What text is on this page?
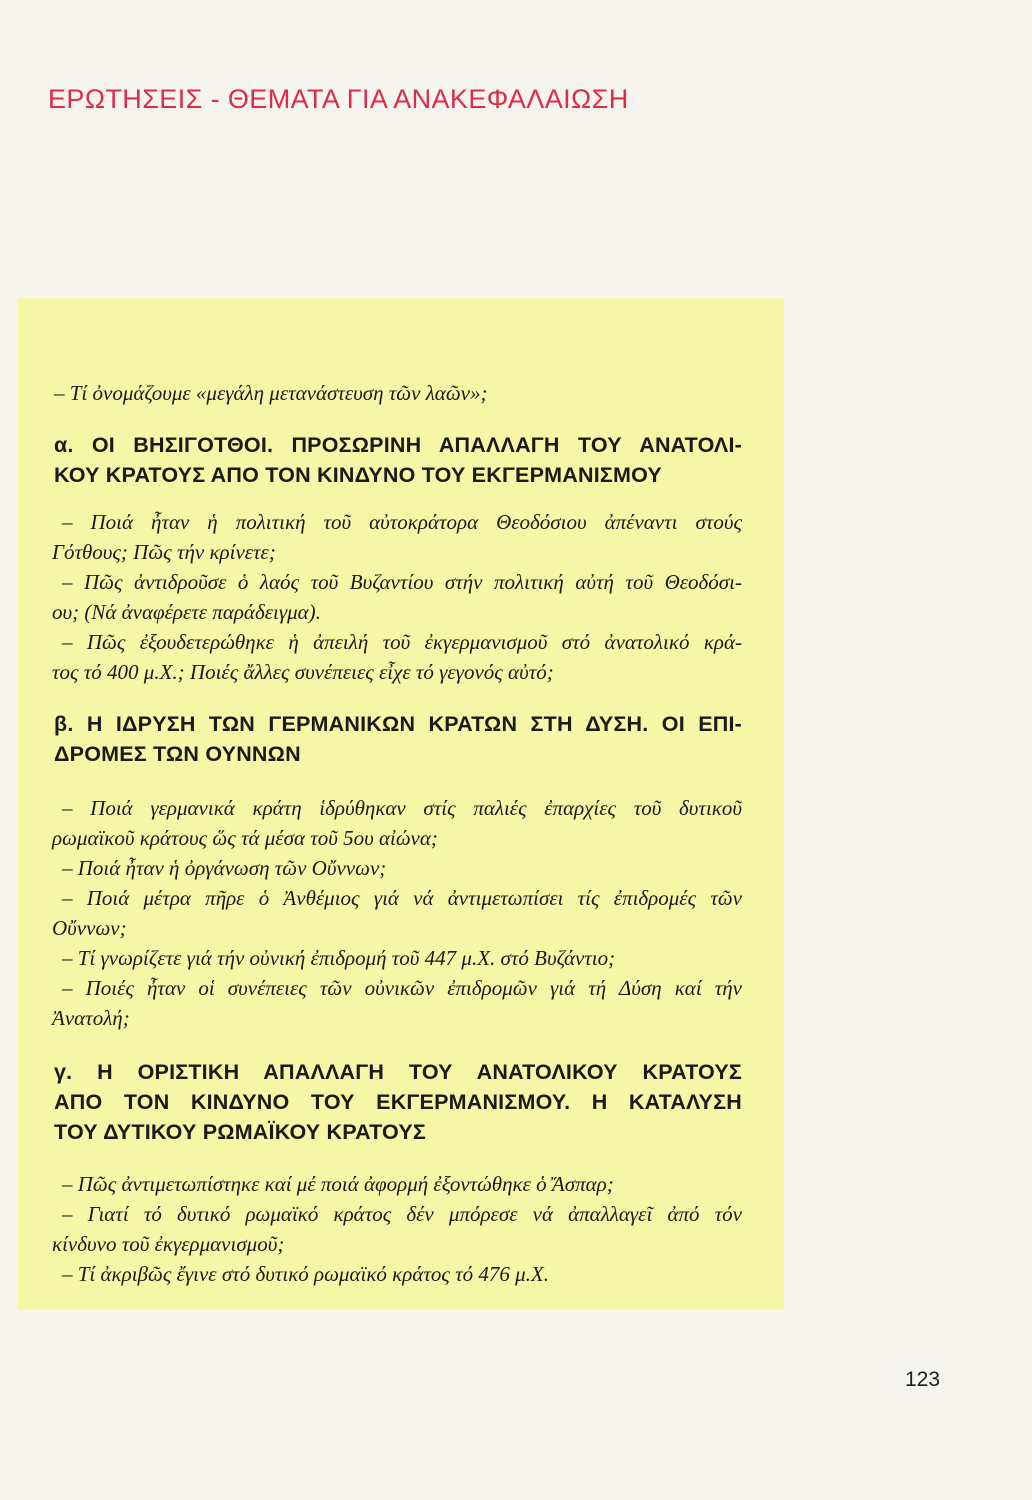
ΕΡΩΤΗΣΕΙΣ - ΘΕΜΑΤΑ ΓΙΑ ΑΝΑΚΕΦΑΛΑΙΩΣΗ

– Τί ὀνομάζουμε «μεγάλη μετανάστευση τῶν λαῶν»;

α. ΟΙ ΒΗΣΙΓΟΤΘΟΙ. ΠΡΟΣΩΡΙΝΗ ΑΠΑΛΛΑΓΗ ΤΟΥ ΑΝΑΤΟΛΙ-
ΚΟΥ ΚΡΑΤΟΥΣ ΑΠΟ ΤΟΝ ΚΙΝΔΥΝΟ ΤΟΥ ΕΚΓΕΡΜΑΝΙΣΜΟΥ

– Ποιά ἦταν ἡ πολιτική τοῦ αὐτοκράτορα Θεοδόσιου ἀπέναντι στούς
Γότθους; Πῶς τήν κρίνετε;

– Πῶς ἀντιδροῦσε ὁ λαός τοῦ Βυζαντίου στήν πολιτική αὐτή τοῦ Θεοδόσι-
ου; (Νά ἀναφέρετε παράδειγμα).

– Πῶς ἐξουδετερώθηκε ἡ ἀπειλή τοῦ ἐκγερμανισμοῦ στό ἀνατολικό κρά-
τος τό 400 μ.Χ.; Ποιές ἄλλες συνέπειες εἶχε τό γεγονός αὐτό;

β. Η ΙΔΡΥΣΗ ΤΩΝ ΓΕΡΜΑΝΙΚΩΝ ΚΡΑΤΩΝ ΣΤΗ ΔΥΣΗ. ΟΙ ΕΠΙ-
ΔΡΟΜΕΣ ΤΩΝ ΟΥΝΝΩΝ

– Ποιά γερμανικά κράτη ἱδρύθηκαν στίς παλιές ἐπαρχίες τοῦ δυτικοῦ
ρωμαϊκοῦ κράτους ὥς τά μέσα τοῦ 5ου αἰώνα;

– Ποιά ἦταν ἡ ὀργάνωση τῶν Οὔννων;

– Ποιά μέτρα πῆρε ὁ Ἀνθέμιος γιά νά ἀντιμετωπίσει τίς ἐπιδρομές τῶν
Οὔννων;

– Τί γνωρίζετε γιά τήν οὐνική ἐπιδρομή τοῦ 447 μ.Χ. στό Βυζάντιο;

– Ποιές ἦταν οἱ συνέπειες τῶν οὐνικῶν ἐπιδρομῶν γιά τή Δύση καί τήν
Ἀνατολή;

γ. Η ΟΡΙΣΤΙΚΗ ΑΠΑΛΛΑΓΗ ΤΟΥ ΑΝΑΤΟΛΙΚΟΥ ΚΡΑΤΟΥΣ
ΑΠΟ ΤΟΝ ΚΙΝΔΥΝΟ ΤΟΥ ΕΚΓΕΡΜΑΝΙΣΜΟΥ. Η ΚΑΤΑΛΥΣΗ
ΤΟΥ ΔΥΤΙΚΟΥ ΡΩΜΑΪΚΟΥ ΚΡΑΤΟΥΣ

– Πῶς ἀντιμετωπίστηκε καί μέ ποιά ἀφορμή ἐξοντώθηκε ὁ Ἄσπαρ;

– Γιατί τό δυτικό ρωμαϊκό κράτος δέν μπόρεσε νά ἀπαλλαγεῖ ἀπό τόν
κίνδυνο τοῦ ἐκγερμανισμοῦ;

– Τί ἀκριβῶς ἔγινε στό δυτικό ρωμαϊκό κράτος τό 476 μ.Χ.

123
